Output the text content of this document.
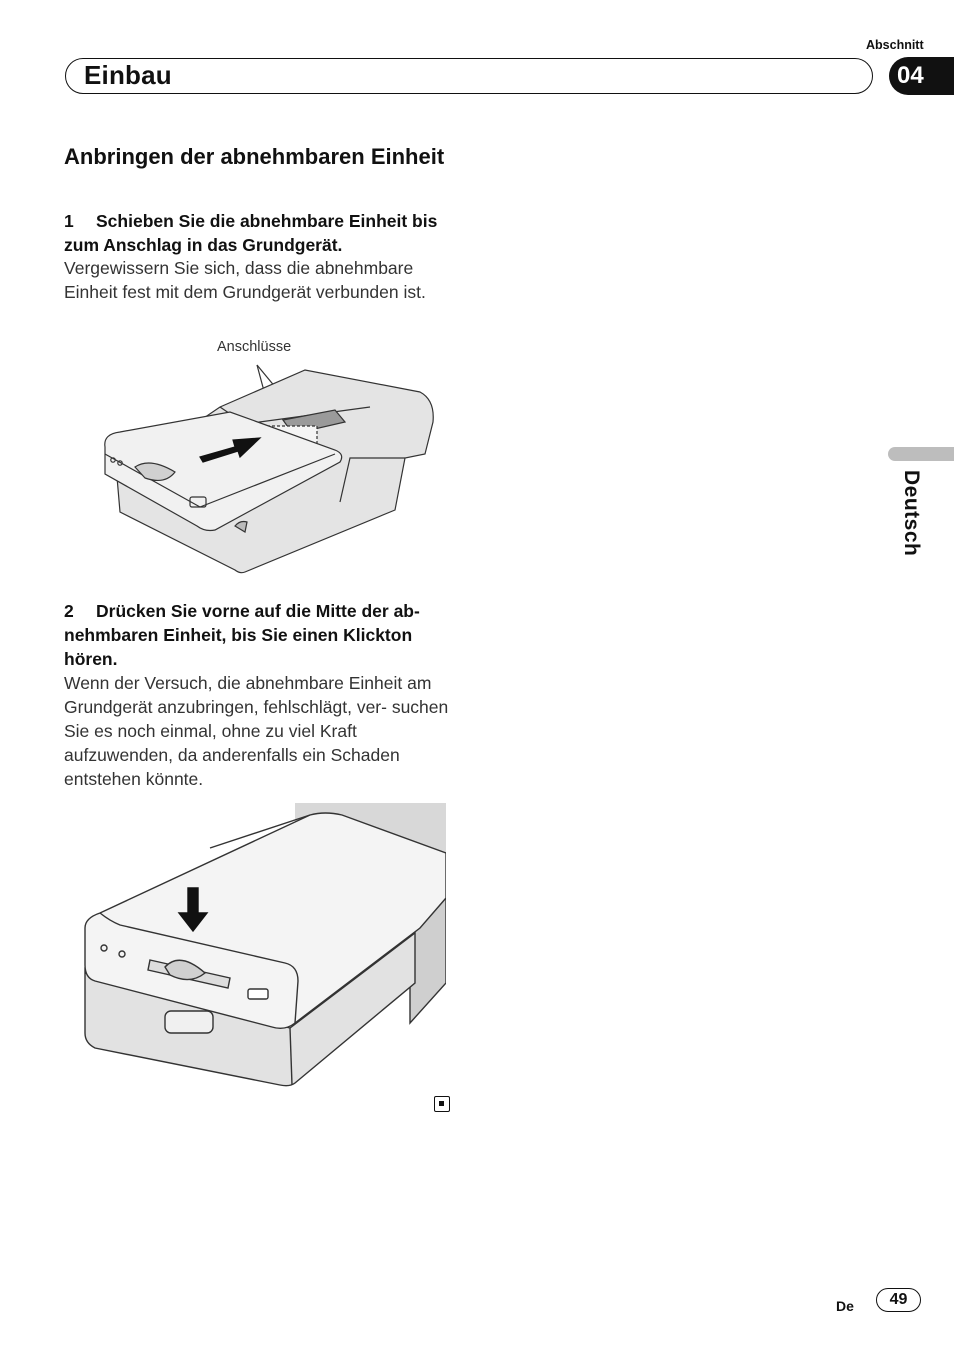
Abschnitt
Einbau	04
Deutsch
Anbringen der abnehmbaren Einheit
1 Schieben Sie die abnehmbare Einheit bis zum Anschlag in das Grundgerät.
Vergewissern Sie sich, dass die abnehmbare Einheit fest mit dem Grundgerät verbunden ist.
Anschlüsse
2 Drücken Sie vorne auf die Mitte der ab- nehmbaren Einheit, bis Sie einen Klickton hören.
Wenn der Versuch, die abnehmbare Einheit am Grundgerät anzubringen, fehlschlägt, ver- suchen Sie es noch einmal, ohne zu viel Kraft aufzuwenden, da anderenfalls ein Schaden entstehen könnte.
De 49
